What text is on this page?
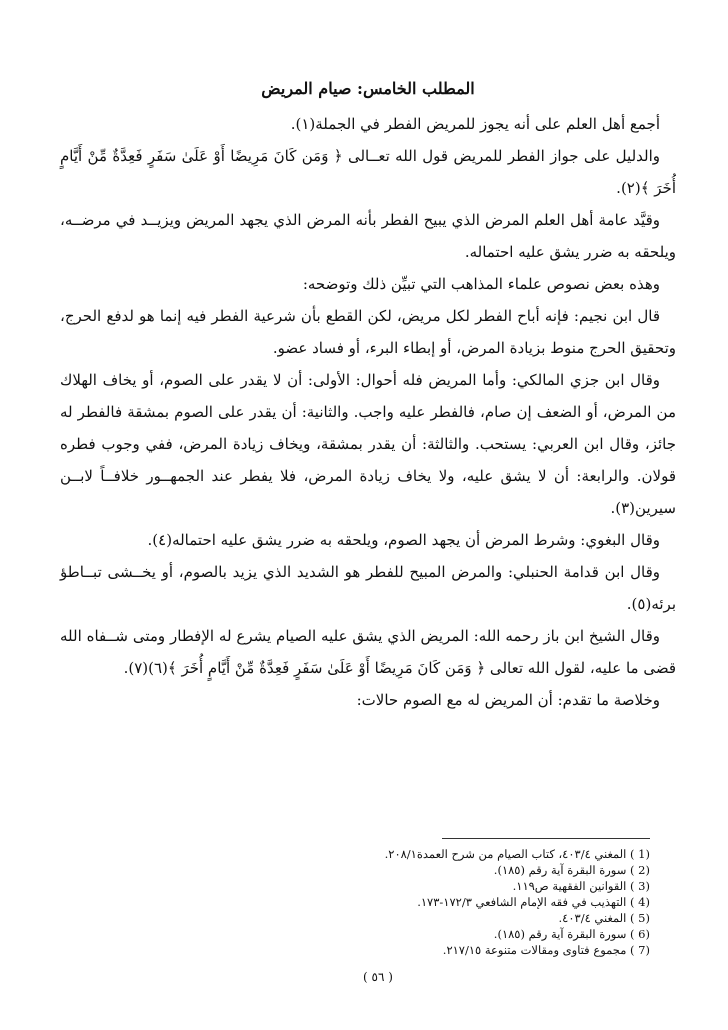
المطلب الخامس: صيام المريض

أجمع أهل العلم على أنه يجوز للمريض الفطر في الجملة(١).

والدليل على جواز الفطر للمريض قول الله تعــالى ﴿ وَمَن كَانَ مَرِيضًا أَوْ عَلَىٰ سَفَرٍ فَعِدَّةٌ مِّنْ أَيَّامٍ أُخَرَ ﴾(٢).

وقيَّد عامة أهل العلم المرض الذي يبيح الفطر بأنه المرض الذي يجهد المريض ويزيــد في مرضــه، ويلحقه به ضرر يشق عليه احتماله.

وهذه بعض نصوص علماء المذاهب التي تبيِّن ذلك وتوضحه:

قال ابن نجيم: فإنه أباح الفطر لكل مريض، لكن القطع بأن شرعية الفطر فيه إنما هو لدفع الحرج، وتحقيق الحرج منوط بزيادة المرض، أو إبطاء البرء، أو فساد عضو.

وقال ابن جزي المالكي: وأما المريض فله أحوال: الأولى: أن لا يقدر على الصوم، أو يخاف الهلاك من المرض، أو الضعف إن صام، فالفطر عليه واجب. والثانية: أن يقدر على الصوم بمشقة فالفطر له جائز، وقال ابن العربي: يستحب. والثالثة: أن يقدر بمشقة، ويخاف زيادة المرض، ففي وجوب فطره قولان. والرابعة: أن لا يشق عليه، ولا يخاف زيادة المرض، فلا يفطر عند الجمهــور خلافــاً لابــن سيرين(٣).

وقال البغوي: وشرط المرض أن يجهد الصوم، ويلحقه به ضرر يشق عليه احتماله(٤).

وقال ابن قدامة الحنبلي: والمرض المبيح للفطر هو الشديد الذي يزيد بالصوم، أو يخــشى تبــاطؤ برئه(٥).

وقال الشيخ ابن باز رحمه الله: المريض الذي يشق عليه الصيام يشرع له الإفطار ومتى شــفاه الله قضى ما عليه، لقول الله تعالى ﴿ وَمَن كَانَ مَرِيضًا أَوْ عَلَىٰ سَفَرٍ فَعِدَّةٌ مِّنْ أَيَّامٍ أُخَرَ ﴾(٦)(٧).

وخلاصة ما تقدم: أن المريض له مع الصوم حالات:

(1 ) المغني ٤٠٣/٤، كتاب الصيام من شرح العمدة٢٠٨/١.

(2 ) سورة البقرة آية رقم (١٨٥).

(3 ) القوانين الفقهية ص١١٩.

(4 ) التهذيب في فقه الإمام الشافعي ١٧٢/٣-١٧٣.

(5 ) المغني ٤٠٣/٤.

(6 ) سورة البقرة آية رقم (١٨٥).

(7 ) مجموع فتاوى ومقالات متنوعة ٢١٧/١٥.

( ٥٦ )
